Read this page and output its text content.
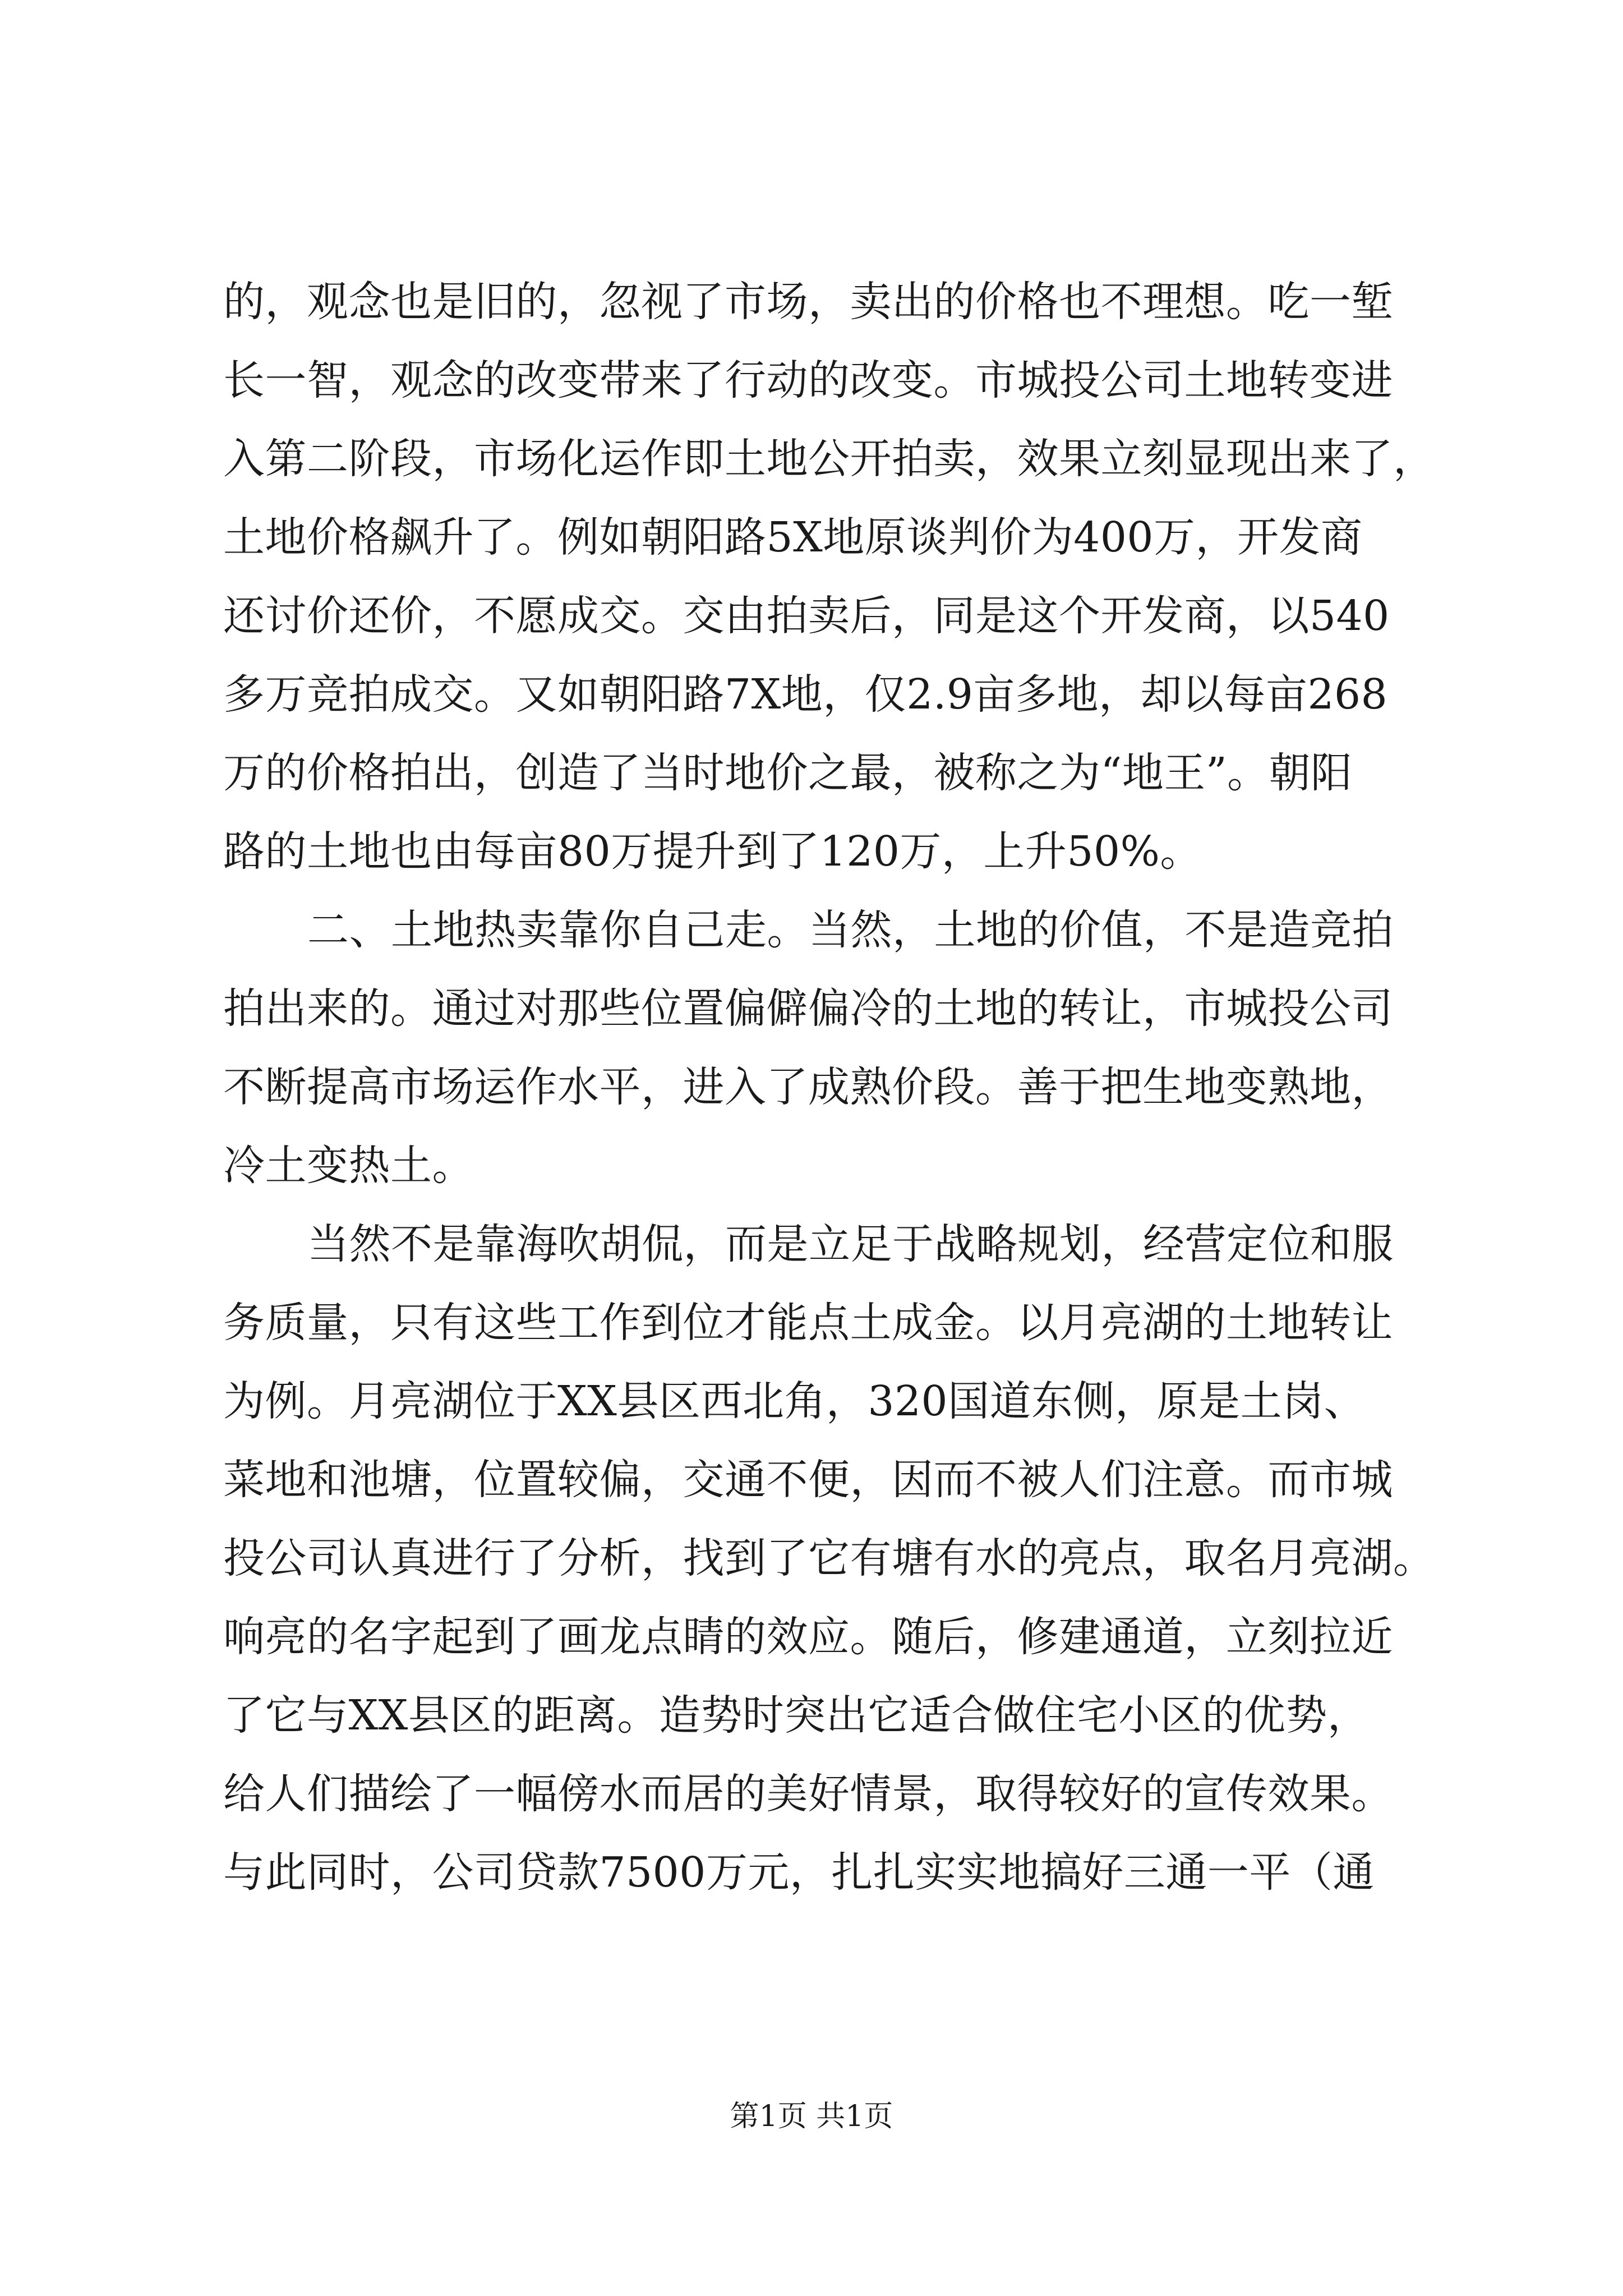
的，观念也是旧的，忽视了市场，卖出的价格也不理想。吃一堑
长一智，观念的改变带来了行动的改变。市城投公司土地转变进
入第二阶段，市场化运作即土地公开拍卖，效果立刻显现出来了，
土地价格飙升了。例如朝阳路5X地原谈判价为400万，开发商
还讨价还价，不愿成交。交由拍卖后，同是这个开发商，以540
多万竞拍成交。又如朝阳路7X地，仅2.9亩多地，却以每亩268
万的价格拍出，创造了当时地价之最，被称之为“地王”。朝阳
路的土地也由每亩80万提升到了120万，上升50%。
二、土地热卖靠你自己走。当然，土地的价值，不是造竞拍
拍出来的。通过对那些位置偏僻偏冷的土地的转让，市城投公司
不断提高市场运作水平，进入了成熟价段。善于把生地变熟地，
冷土变热土。
当然不是靠海吹胡侃，而是立足于战略规划，经营定位和服
务质量，只有这些工作到位才能点土成金。以月亮湖的土地转让
为例。月亮湖位于XX县区西北角，320国道东侧，原是土岗、
菜地和池塘，位置较偏，交通不便，因而不被人们注意。而市城
投公司认真进行了分析，找到了它有塘有水的亮点，取名月亮湖。
响亮的名字起到了画龙点睛的效应。随后，修建通道，立刻拉近
了它与XX县区的距离。造势时突出它适合做住宅小区的优势，
给人们描绘了一幅傍水而居的美好情景，取得较好的宣传效果。
与此同时，公司贷款7500万元，扎扎实实地搞好三通一平（通
第1页 共1页
